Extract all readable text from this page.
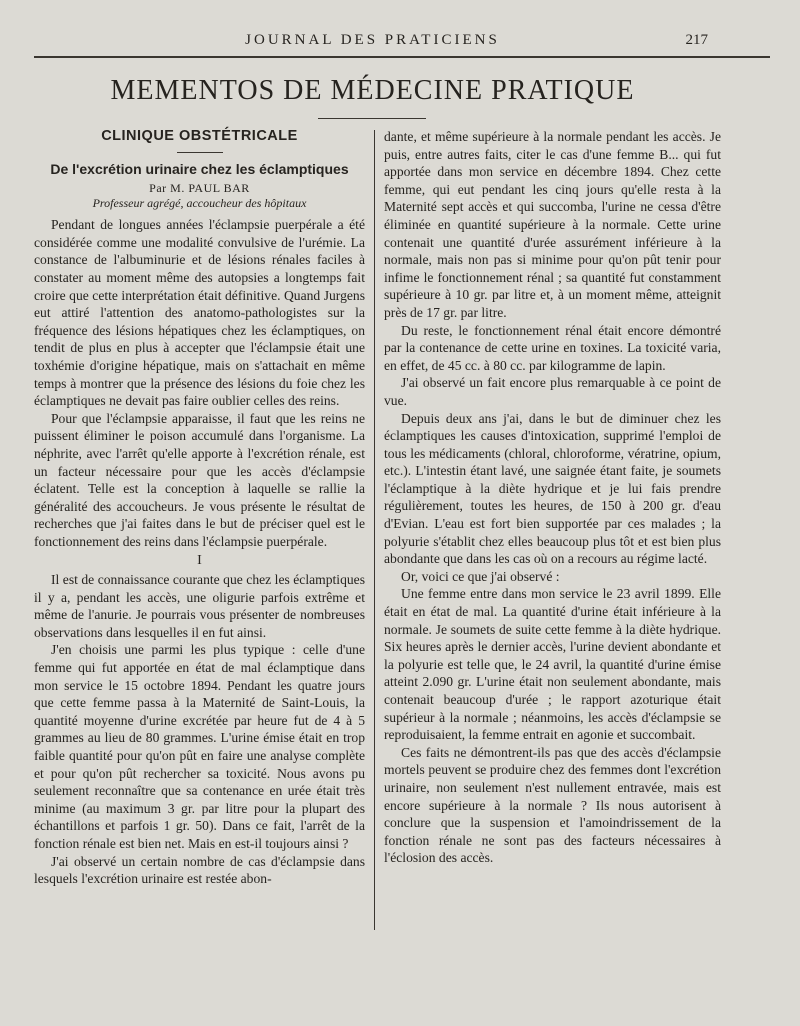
JOURNAL DES PRATICIENS	217
MEMENTOS DE MÉDECINE PRATIQUE
CLINIQUE OBSTÉTRICALE
De l'excrétion urinaire chez les éclamptiques

Par M. PAUL BAR

Professeur agrégé, accoucheur des hôpitaux

Pendant de longues années l'éclampsie puerpérale a été considérée comme une modalité convulsive de l'urémie. La constance de l'albuminurie et de lésions rénales faciles à constater au moment même des autopsies a longtemps fait croire que cette interprétation était définitive. Quand Jurgens eut attiré l'attention des anatomo-pathologistes sur la fréquence des lésions hépatiques chez les éclamptiques, on tendit de plus en plus à accepter que l'éclampsie était une toxhémie d'origine hépatique, mais on s'attachait en même temps à montrer que la présence des lésions du foie chez les éclamptiques ne devait pas faire oublier celles des reins.

Pour que l'éclampsie apparaisse, il faut que les reins ne puissent éliminer le poison accumulé dans l'organisme. La néphrite, avec l'arrêt qu'elle apporte à l'excrétion rénale, est un facteur nécessaire pour que les accès d'éclampsie éclatent. Telle est la conception à laquelle se rallie la généralité des accoucheurs. Je vous présente le résultat de recherches que j'ai faites dans le but de préciser quel est le fonctionnement des reins dans l'éclampsie puerpérale.

I

Il est de connaissance courante que chez les éclamptiques il y a, pendant les accès, une oligurie parfois extrême et même de l'anurie. Je pourrais vous présenter de nombreuses observations dans lesquelles il en fut ainsi.

J'en choisis une parmi les plus typique : celle d'une femme qui fut apportée en état de mal éclamptique dans mon service le 15 octobre 1894. Pendant les quatre jours que cette femme passa à la Maternité de Saint-Louis, la quantité moyenne d'urine excrétée par heure fut de 4 à 5 grammes au lieu de 80 grammes. L'urine émise était en trop faible quantité pour qu'on pût en faire une analyse complète et pour qu'on pût rechercher sa toxicité. Nous avons pu seulement reconnaître que sa contenance en urée était très minime (au maximum 3 gr. par litre pour la plupart des échantillons et parfois 1 gr. 50). Dans ce fait, l'arrêt de la fonction rénale est bien net. Mais en est-il toujours ainsi ?

J'ai observé un certain nombre de cas d'éclampsie dans lesquels l'excrétion urinaire est restée abon-

dante, et même supérieure à la normale pendant les accès. Je puis, entre autres faits, citer le cas d'une femme B... qui fut apportée dans mon service en décembre 1894. Chez cette femme, qui eut pendant les cinq jours qu'elle resta à la Maternité sept accès et qui succomba, l'urine ne cessa d'être éliminée en quantité supérieure à la normale. Cette urine contenait une quantité d'urée assurément inférieure à la normale, mais non pas si minime pour qu'on pût tenir pour infime le fonctionnement rénal ; sa quantité fut constamment supérieure à 10 gr. par litre et, à un moment même, atteignit près de 17 gr. par litre.

Du reste, le fonctionnement rénal était encore démontré par la contenance de cette urine en toxines. La toxicité varia, en effet, de 45 cc. à 80 cc. par kilogramme de lapin.

J'ai observé un fait encore plus remarquable à ce point de vue.

Depuis deux ans j'ai, dans le but de diminuer chez les éclamptiques les causes d'intoxication, supprimé l'emploi de tous les médicaments (chloral, chloroforme, vératrine, opium, etc.). L'intestin étant lavé, une saignée étant faite, je soumets l'éclamptique à la diète hydrique et je lui fais prendre régulièrement, toutes les heures, de 150 à 200 gr. d'eau d'Evian. L'eau est fort bien supportée par ces malades ; la polyurie s'établit chez elles beaucoup plus tôt et est bien plus abondante que dans les cas où on a recours au régime lacté.

Or, voici ce que j'ai observé :

Une femme entre dans mon service le 23 avril 1899. Elle était en état de mal. La quantité d'urine était inférieure à la normale. Je soumets de suite cette femme à la diète hydrique. Six heures après le dernier accès, l'urine devient abondante et la polyurie est telle que, le 24 avril, la quantité d'urine émise atteint 2.090 gr. L'urine était non seulement abondante, mais contenait beaucoup d'urée ; le rapport azoturique était supérieur à la normale ; néanmoins, les accès d'éclampsie se reproduisaient, la femme entrait en agonie et succombait.

Ces faits ne démontrent-ils pas que des accès d'éclampsie mortels peuvent se produire chez des femmes dont l'excrétion urinaire, non seulement n'est nullement entravée, mais est encore supérieure à la normale ? Ils nous autorisent à conclure que la suspension et l'amoindrissement de la fonction rénale ne sont pas des facteurs nécessaires à l'éclosion des accès.
